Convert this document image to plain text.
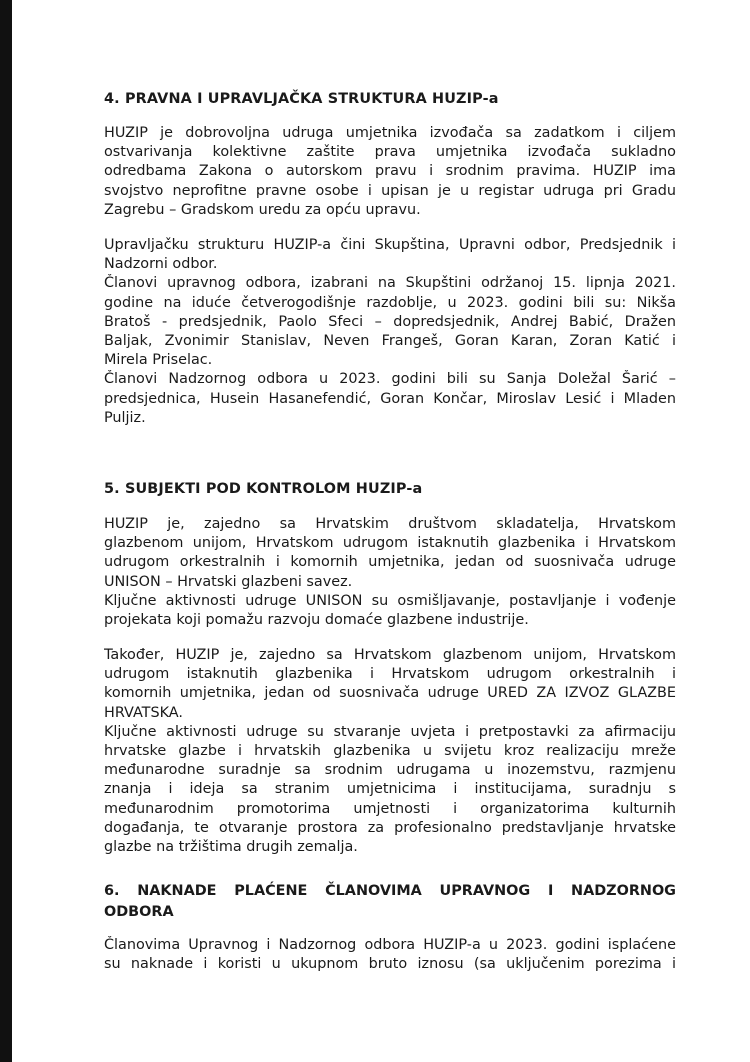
4. PRAVNA I UPRAVLJAČKA STRUKTURA HUZIP-a
HUZIP je dobrovoljna udruga umjetnika izvođača sa zadatkom i ciljem
ostvarivanja kolektivne zaštite prava umjetnika izvođača sukladno
odredbama Zakona o autorskom pravu i srodnim pravima. HUZIP ima
svojstvo neprofitne pravne osobe i upisan je u registar udruga pri Gradu
Zagrebu – Gradskom uredu za opću upravu.
Upravljačku strukturu HUZIP-a čini Skupština, Upravni odbor, Predsjednik i
Nadzorni odbor.
Članovi upravnog odbora, izabrani na Skupštini održanoj 15. lipnja 2021.
godine na iduće četverogodišnje razdoblje, u 2023. godini bili su: Nikša
Bratoš - predsjednik, Paolo Sfeci – dopredsjednik, Andrej Babić, Dražen
Baljak, Zvonimir Stanislav, Neven Frangeš, Goran Karan, Zoran Katić i
Mirela Priselac.
Članovi Nadzornog odbora u 2023. godini bili su Sanja Doležal Šarić –
predsjednica, Husein Hasanefendić, Goran Končar, Miroslav Lesić i Mladen
Puljiz.
5. SUBJEKTI POD KONTROLOM HUZIP-a
HUZIP je, zajedno sa Hrvatskim društvom skladatelja, Hrvatskom
glazbenom unijom, Hrvatskom udrugom istaknutih glazbenika i Hrvatskom
udrugom orkestralnih i komornih umjetnika, jedan od suosnivača udruge
UNISON – Hrvatski glazbeni savez.
Ključne aktivnosti udruge UNISON su osmišljavanje, postavljanje i vođenje
projekata koji pomažu razvoju domaće glazbene industrije.
Također, HUZIP je, zajedno sa Hrvatskom glazbenom unijom, Hrvatskom
udrugom istaknutih glazbenika i Hrvatskom udrugom orkestralnih i
komornih umjetnika, jedan od suosnivača udruge URED ZA IZVOZ GLAZBE
HRVATSKA.
Ključne aktivnosti udruge su stvaranje uvjeta i pretpostavki za afirmaciju
hrvatske glazbe i hrvatskih glazbenika u svijetu kroz realizaciju mreže
međunarodne suradnje sa srodnim udrugama u inozemstvu, razmjenu
znanja i ideja sa stranim umjetnicima i institucijama, suradnju s
međunarodnim promotorima umjetnosti i organizatorima kulturnih
događanja, te otvaranje prostora za profesionalno predstavljanje hrvatske
glazbe na tržištima drugih zemalja.
6. NAKNADE PLAĆENE ČLANOVIMA UPRAVNOG I NADZORNOG
ODBORA
Članovima Upravnog i Nadzornog odbora HUZIP-a u 2023. godini isplaćene
su naknade i koristi u ukupnom bruto iznosu (sa uključenim porezima i
